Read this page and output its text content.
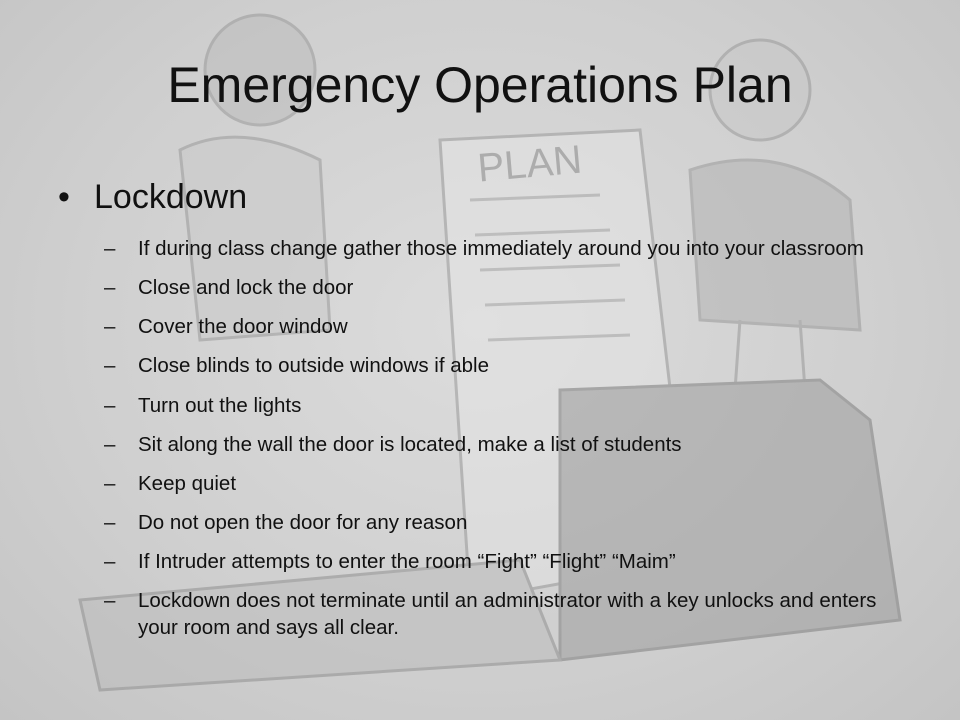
PLAN
Emergency Operations Plan
• Lockdown
– If during class change gather those immediately around you into your classroom
– Close and lock the door
– Cover the door window
– Close blinds to outside windows if able
– Turn out the lights
– Sit along the wall the door is located, make a list of students
– Keep quiet
– Do not open the door for any reason
– If Intruder attempts to enter the room “Fight” “Flight” “Maim”
– Lockdown does not terminate until an administrator with a key unlocks and enters your room and says all clear.
